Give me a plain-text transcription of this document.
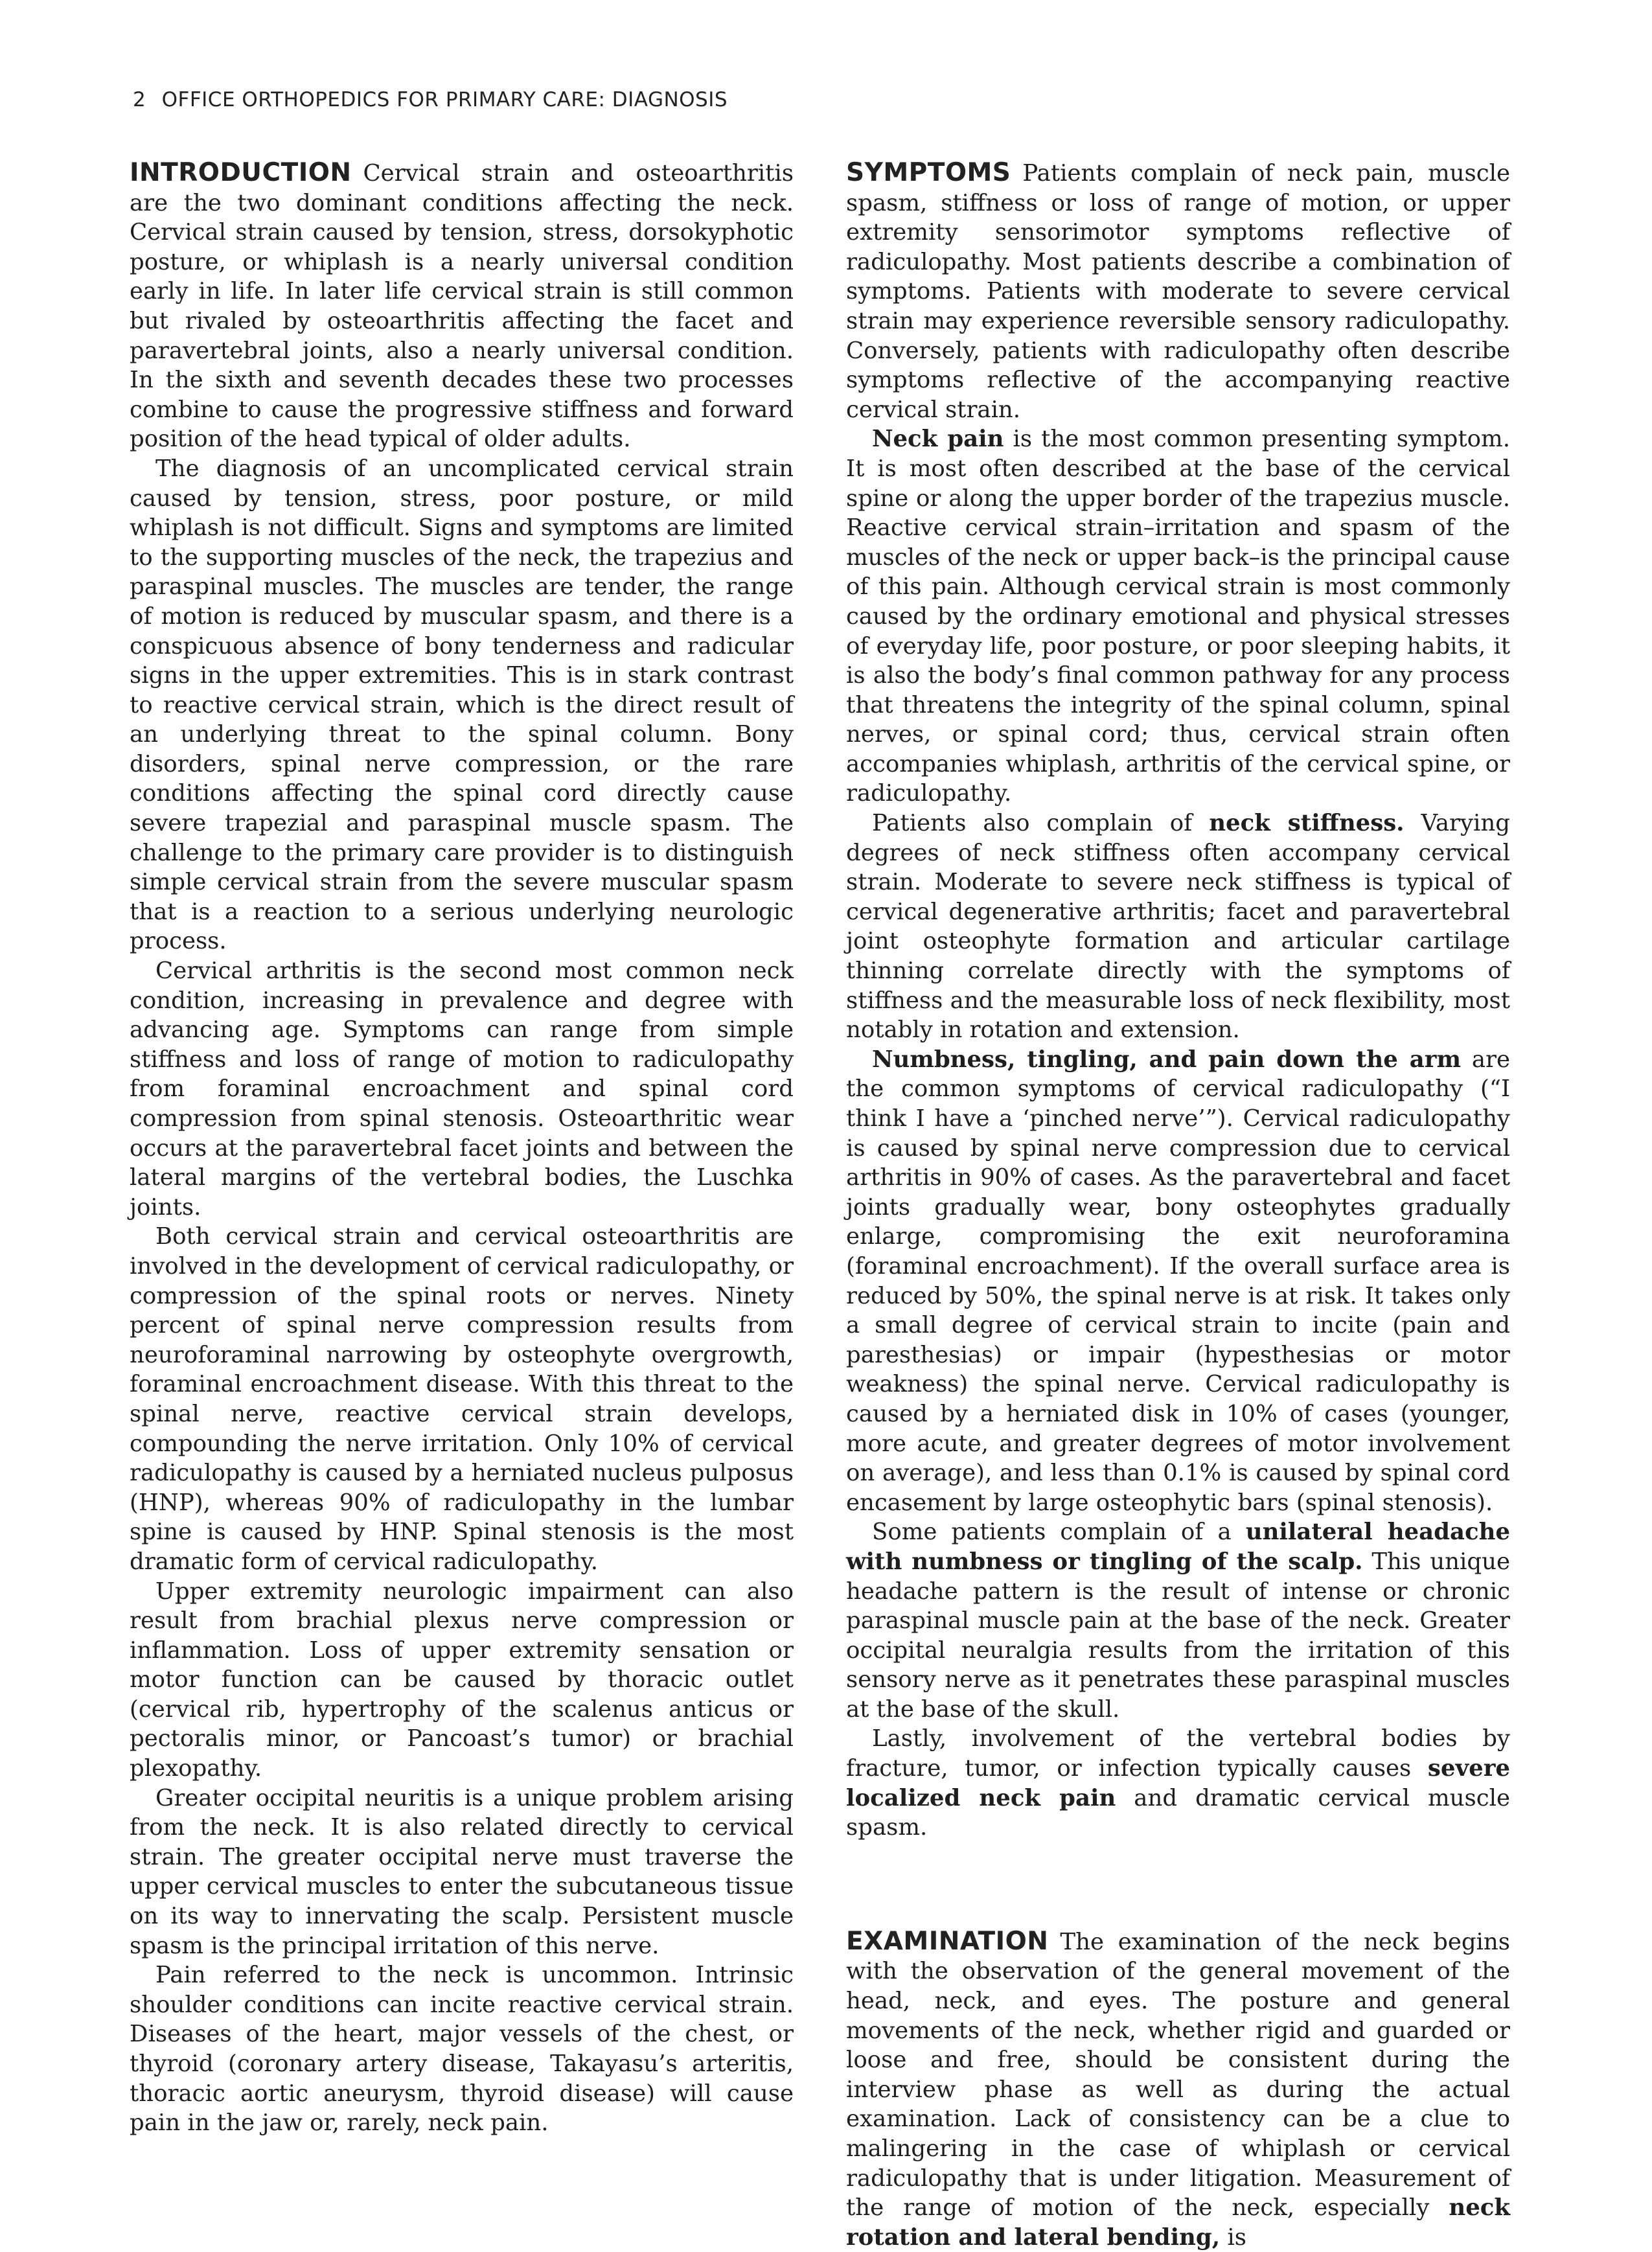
2 OFFICE ORTHOPEDICS FOR PRIMARY CARE: DIAGNOSIS

INTRODUCTION Cervical strain and osteoarthritis are the two dominant conditions affecting the neck. Cervical strain caused by tension, stress, dorsokyphotic posture, or whiplash is a nearly universal condition early in life. In later life cervical strain is still common but rivaled by osteoarthritis affecting the facet and paravertebral joints, also a nearly universal condition. In the sixth and seventh decades these two processes combine to cause the progressive stiffness and forward position of the head typical of older adults.

The diagnosis of an uncomplicated cervical strain caused by tension, stress, poor posture, or mild whiplash is not difficult. Signs and symptoms are limited to the supporting muscles of the neck, the trapezius and paraspinal muscles. The muscles are tender, the range of motion is reduced by muscular spasm, and there is a conspicuous absence of bony tenderness and radicular signs in the upper extremities. This is in stark contrast to reactive cervical strain, which is the direct result of an underlying threat to the spinal column. Bony disorders, spinal nerve compression, or the rare conditions affecting the spinal cord directly cause severe trapezial and paraspinal muscle spasm. The challenge to the primary care provider is to distinguish simple cervical strain from the severe muscular spasm that is a reaction to a serious underlying neurologic process.

Cervical arthritis is the second most common neck condition, increasing in prevalence and degree with advancing age. Symptoms can range from simple stiffness and loss of range of motion to radiculopathy from foraminal encroachment and spinal cord compression from spinal stenosis. Osteoarthritic wear occurs at the paravertebral facet joints and between the lateral margins of the vertebral bodies, the Luschka joints.

Both cervical strain and cervical osteoarthritis are involved in the development of cervical radiculopathy, or compression of the spinal roots or nerves. Ninety percent of spinal nerve compression results from neuroforaminal narrowing by osteophyte overgrowth, foraminal encroachment disease. With this threat to the spinal nerve, reactive cervical strain develops, compounding the nerve irritation. Only 10% of cervical radiculopathy is caused by a herniated nucleus pulposus (HNP), whereas 90% of radiculopathy in the lumbar spine is caused by HNP. Spinal stenosis is the most dramatic form of cervical radiculopathy.

Upper extremity neurologic impairment can also result from brachial plexus nerve compression or inflammation. Loss of upper extremity sensation or motor function can be caused by thoracic outlet (cervical rib, hypertrophy of the scalenus anticus or pectoralis minor, or Pancoast’s tumor) or brachial plexopathy.

Greater occipital neuritis is a unique problem arising from the neck. It is also related directly to cervical strain. The greater occipital nerve must traverse the upper cervical muscles to enter the subcutaneous tissue on its way to innervating the scalp. Persistent muscle spasm is the principal irritation of this nerve.

Pain referred to the neck is uncommon. Intrinsic shoulder conditions can incite reactive cervical strain. Diseases of the heart, major vessels of the chest, or thyroid (coronary artery disease, Takayasu’s arteritis, thoracic aortic aneurysm, thyroid disease) will cause pain in the jaw or, rarely, neck pain.

SYMPTOMS Patients complain of neck pain, muscle spasm, stiffness or loss of range of motion, or upper extremity sensorimotor symptoms reflective of radiculopathy. Most patients describe a combination of symptoms. Patients with moderate to severe cervical strain may experience reversible sensory radiculopathy. Conversely, patients with radiculopathy often describe symptoms reflective of the accompanying reactive cervical strain.

Neck pain is the most common presenting symptom. It is most often described at the base of the cervical spine or along the upper border of the trapezius muscle. Reactive cervical strain–irritation and spasm of the muscles of the neck or upper back–is the principal cause of this pain. Although cervical strain is most commonly caused by the ordinary emotional and physical stresses of everyday life, poor posture, or poor sleeping habits, it is also the body’s final common pathway for any process that threatens the integrity of the spinal column, spinal nerves, or spinal cord; thus, cervical strain often accompanies whiplash, arthritis of the cervical spine, or radiculopathy.

Patients also complain of neck stiffness. Varying degrees of neck stiffness often accompany cervical strain. Moderate to severe neck stiffness is typical of cervical degenerative arthritis; facet and paravertebral joint osteophyte formation and articular cartilage thinning correlate directly with the symptoms of stiffness and the measurable loss of neck flexibility, most notably in rotation and extension.

Numbness, tingling, and pain down the arm are the common symptoms of cervical radiculopathy (“I think I have a ‘pinched nerve’”). Cervical radiculopathy is caused by spinal nerve compression due to cervical arthritis in 90% of cases. As the paravertebral and facet joints gradually wear, bony osteophytes gradually enlarge, compromising the exit neuroforamina (foraminal encroachment). If the overall surface area is reduced by 50%, the spinal nerve is at risk. It takes only a small degree of cervical strain to incite (pain and paresthesias) or impair (hypesthesias or motor weakness) the spinal nerve. Cervical radiculopathy is caused by a herniated disk in 10% of cases (younger, more acute, and greater degrees of motor involvement on average), and less than 0.1% is caused by spinal cord encasement by large osteophytic bars (spinal stenosis).

Some patients complain of a unilateral headache with numbness or tingling of the scalp. This unique headache pattern is the result of intense or chronic paraspinal muscle pain at the base of the neck. Greater occipital neuralgia results from the irritation of this sensory nerve as it penetrates these paraspinal muscles at the base of the skull.

Lastly, involvement of the vertebral bodies by fracture, tumor, or infection typically causes severe localized neck pain and dramatic cervical muscle spasm.

EXAMINATION The examination of the neck begins with the observation of the general movement of the head, neck, and eyes. The posture and general movements of the neck, whether rigid and guarded or loose and free, should be consistent during the interview phase as well as during the actual examination. Lack of consistency can be a clue to malingering in the case of whiplash or cervical radiculopathy that is under litigation. Measurement of the range of motion of the neck, especially neck rotation and lateral bending, is
